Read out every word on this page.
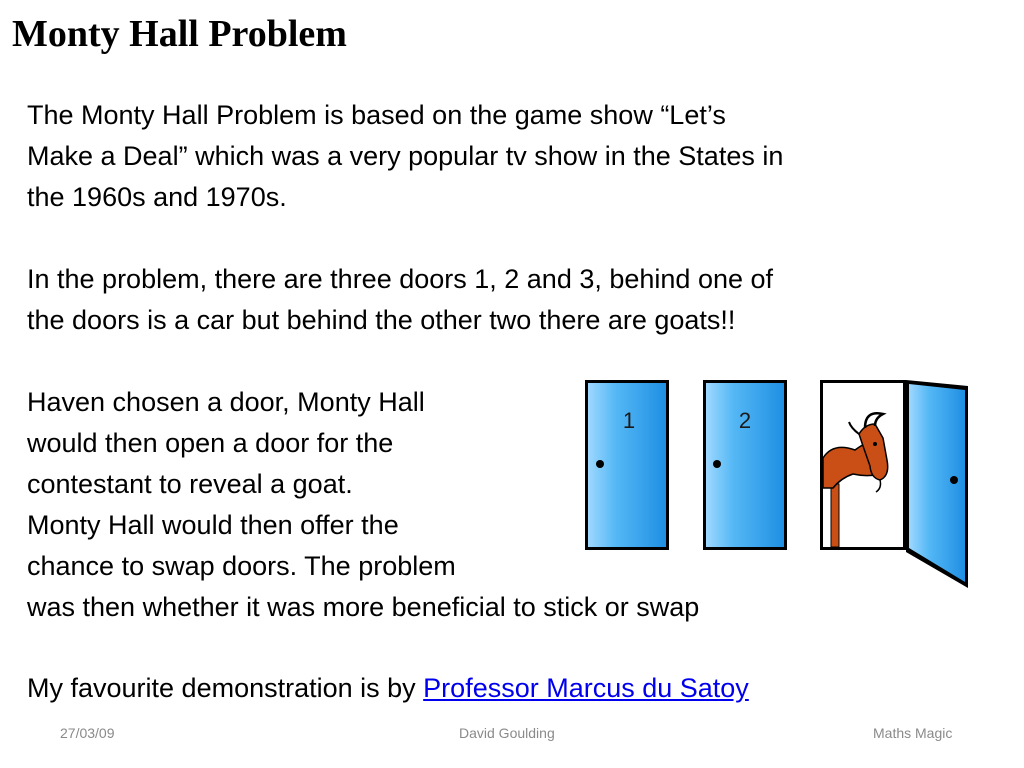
Monty Hall Problem

The Monty Hall Problem is based on the game show “Let’s
Make a Deal” which was a very popular tv show in the States in
the 1960s and 1970s.

In the problem, there are three doors 1, 2 and 3, behind one of
the doors is a car but behind the other two there are goats!!

Haven chosen a door, Monty Hall
would then open a door for the
contestant to reveal a goat.
Monty Hall would then offer the
chance to swap doors. The problem
was then whether it was more beneficial to stick or swap

My favourite demonstration is by Professor Marcus du Satoy

1	2
27/03/09	David Goulding	Maths Magic
